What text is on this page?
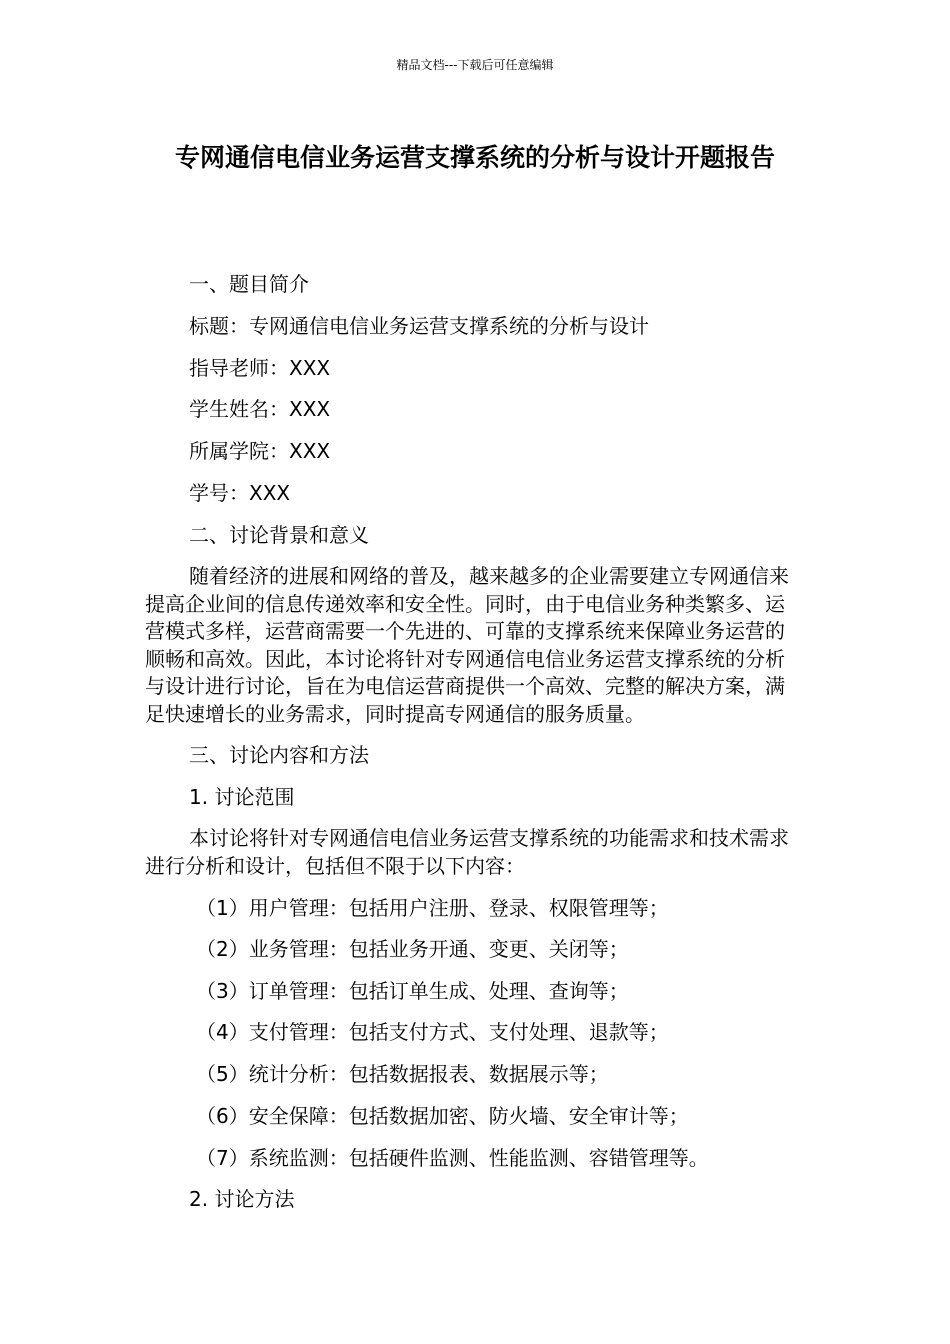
精品文档---下载后可任意编辑
专网通信电信业务运营支撑系统的分析与设计开题报告
一、题目简介
标题：专网通信电信业务运营支撑系统的分析与设计
指导老师：XXX
学生姓名：XXX
所属学院：XXX
学号：XXX
二、讨论背景和意义

随着经济的进展和网络的普及，越来越多的企业需要建立专网通信来提高企业间的信息传递效率和安全性。同时，由于电信业务种类繁多、运营模式多样，运营商需要一个先进的、可靠的支撑系统来保障业务运营的顺畅和高效。因此，本讨论将针对专网通信电信业务运营支撑系统的分析与设计进行讨论，旨在为电信运营商提供一个高效、完整的解决方案，满足快速增长的业务需求，同时提高专网通信的服务质量。

三、讨论内容和方法
1. 讨论范围

本讨论将针对专网通信电信业务运营支撑系统的功能需求和技术需求进行分析和设计，包括但不限于以下内容：

（1）用户管理：包括用户注册、登录、权限管理等；
（2）业务管理：包括业务开通、变更、关闭等；
（3）订单管理：包括订单生成、处理、查询等；
（4）支付管理：包括支付方式、支付处理、退款等；
（5）统计分析：包括数据报表、数据展示等；
（6）安全保障：包括数据加密、防火墙、安全审计等；
（7）系统监测：包括硬件监测、性能监测、容错管理等。
2. 讨论方法
